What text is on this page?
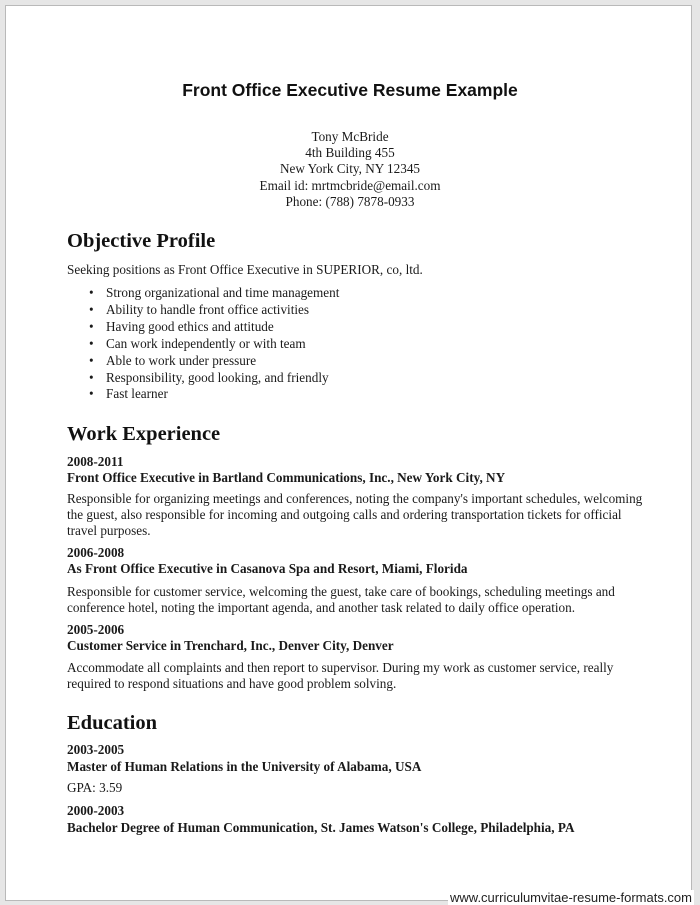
Front Office Executive Resume Example
Tony McBride
4th Building 455
New York City, NY 12345
Email id: mrtmcbride@email.com
Phone: (788) 7878-0933
Objective Profile
Seeking positions as Front Office Executive in SUPERIOR, co, ltd.
• Strong organizational and time management
• Ability to handle front office activities
• Having good ethics and attitude
• Can work independently or with team
• Able to work under pressure
• Responsibility, good looking, and friendly
• Fast learner
Work Experience
2008-2011
Front Office Executive in Bartland Communications, Inc., New York City, NY
Responsible for organizing meetings and conferences, noting the company's important schedules, welcoming the guest, also responsible for incoming and outgoing calls and ordering transportation tickets for official travel purposes.
2006-2008
As Front Office Executive in Casanova Spa and Resort, Miami, Florida
Responsible for customer service, welcoming the guest, take care of bookings, scheduling meetings and conference hotel, noting the important agenda, and another task related to daily office operation.
2005-2006
Customer Service in Trenchard, Inc., Denver City, Denver
Accommodate all complaints and then report to supervisor. During my work as customer service, really required to respond situations and have good problem solving.
Education
2003-2005
Master of Human Relations in the University of Alabama, USA
GPA: 3.59
2000-2003
Bachelor Degree of Human Communication, St. James Watson's College, Philadelphia, PA
www.curriculumvitae-resume-formats.com
